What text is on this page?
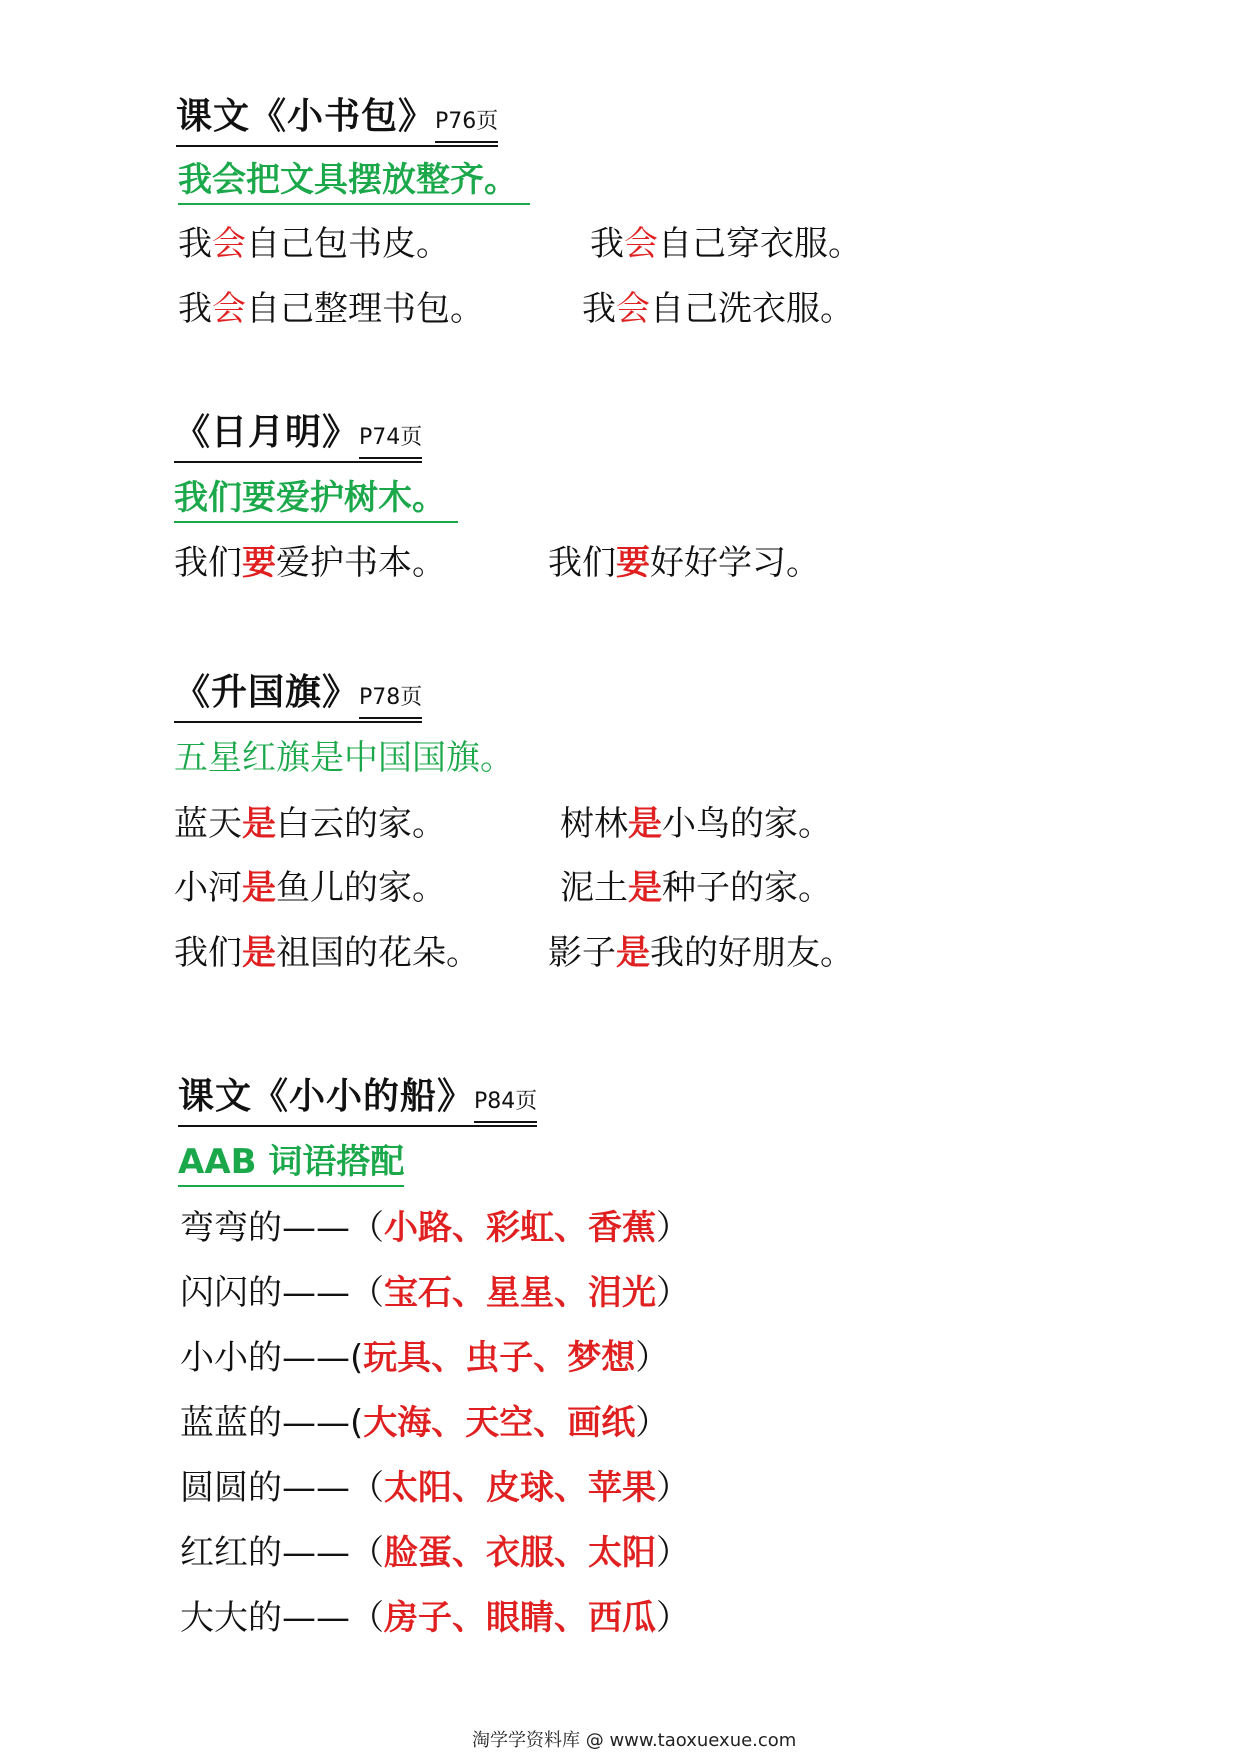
课文《小书包》P76页
我会把文具摆放整齐。
我会自己包书皮。	我会自己穿衣服。
我会自己整理书包。	我会自己洗衣服。
《日月明》P74页
我们要爱护树木。
我们要爱护书本。	我们要好好学习。
《升国旗》P78页
五星红旗是中国国旗。
蓝天是白云的家。	树林是小鸟的家。
小河是鱼儿的家。	泥土是种子的家。
我们是祖国的花朵。 影子是我的好朋友。
课文《小小的船》P84页
AAB 词语搭配
弯弯的——（小路、彩虹、香蕉）
闪闪的——（宝石、星星、泪光）
小小的——(玩具、虫子、梦想）
蓝蓝的——(大海、天空、画纸）
圆圆的——（太阳、皮球、苹果）
红红的——（脸蛋、衣服、太阳）
大大的——（房子、眼睛、西瓜）
淘学学资料库 @ www.taoxuexue.com
